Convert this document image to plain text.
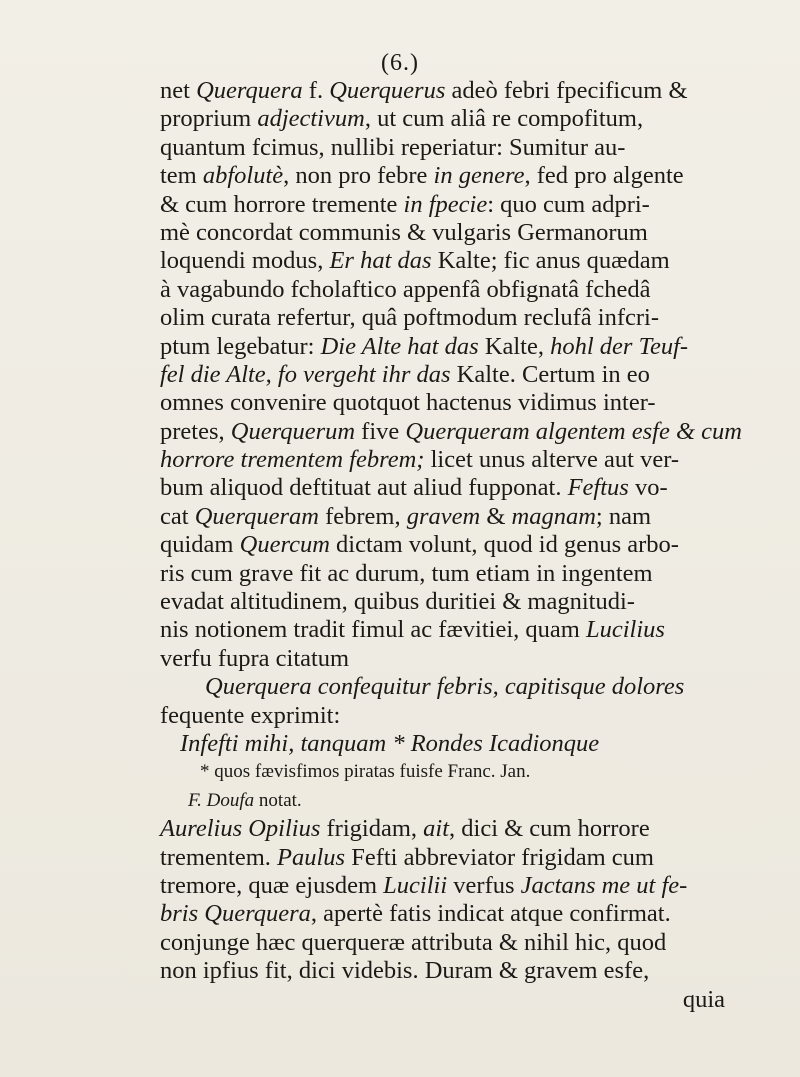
(6.)
net Querquera f. Querquerus adeò febri fpecificum &
proprium adjectivum, ut cum aliâ re compofitum,
quantum fcimus, nullibi reperiatur: Sumitur au-
tem abfolutè, non pro febre in genere, fed pro algente
& cum horrore tremente in fpecie: quo cum adpri-
mè concordat communis & vulgaris Germanorum
loquendi modus, Er hat das Kalte; fic anus quædam
à vagabundo fcholaftico appenfâ obfignatâ fchedâ
olim curata refertur, quâ poftmodum reclufâ infcri-
ptum legebatur: Die Alte hat das Kalte, hohl der Teuf-
fel die Alte, fo vergeht ihr das Kalte. Certum in eo
omnes convenire quotquot hactenus vidimus inter-
pretes, Querquerum five Querqueram algentem esfe & cum
horrore trementem febrem; licet unus alterve aut ver-
bum aliquod deftituat aut aliud fupponat. Feftus vo-
cat Querqueram febrem, gravem & magnam; nam
quidam Quercum dictam volunt, quod id genus arbo-
ris cum grave fit ac durum, tum etiam in ingentem
evadat altitudinem, quibus duritiei & magnitudi-
nis notionem tradit fimul ac fævitiei, quam Lucilius
verfu fupra citatum
Querquera confequitur febris, capitisque dolores
fequente exprimit:
Infefti mihi, tanquam * Rondes Icadionque
* quos fævisfimos piratas fuisfe Franc. Jan.
F. Doufa notat.
Aurelius Opilius frigidam, ait, dici & cum horrore
trementem. Paulus Fefti abbreviator frigidam cum
tremore, quæ ejusdem Lucilii verfus Jactans me ut fe-
bris Querquera, apertè fatis indicat atque confirmat.
conjunge hæc querqueræ attributa & nihil hic, quod
non ipfius fit, dici videbis. Duram & gravem esfe,
quia
